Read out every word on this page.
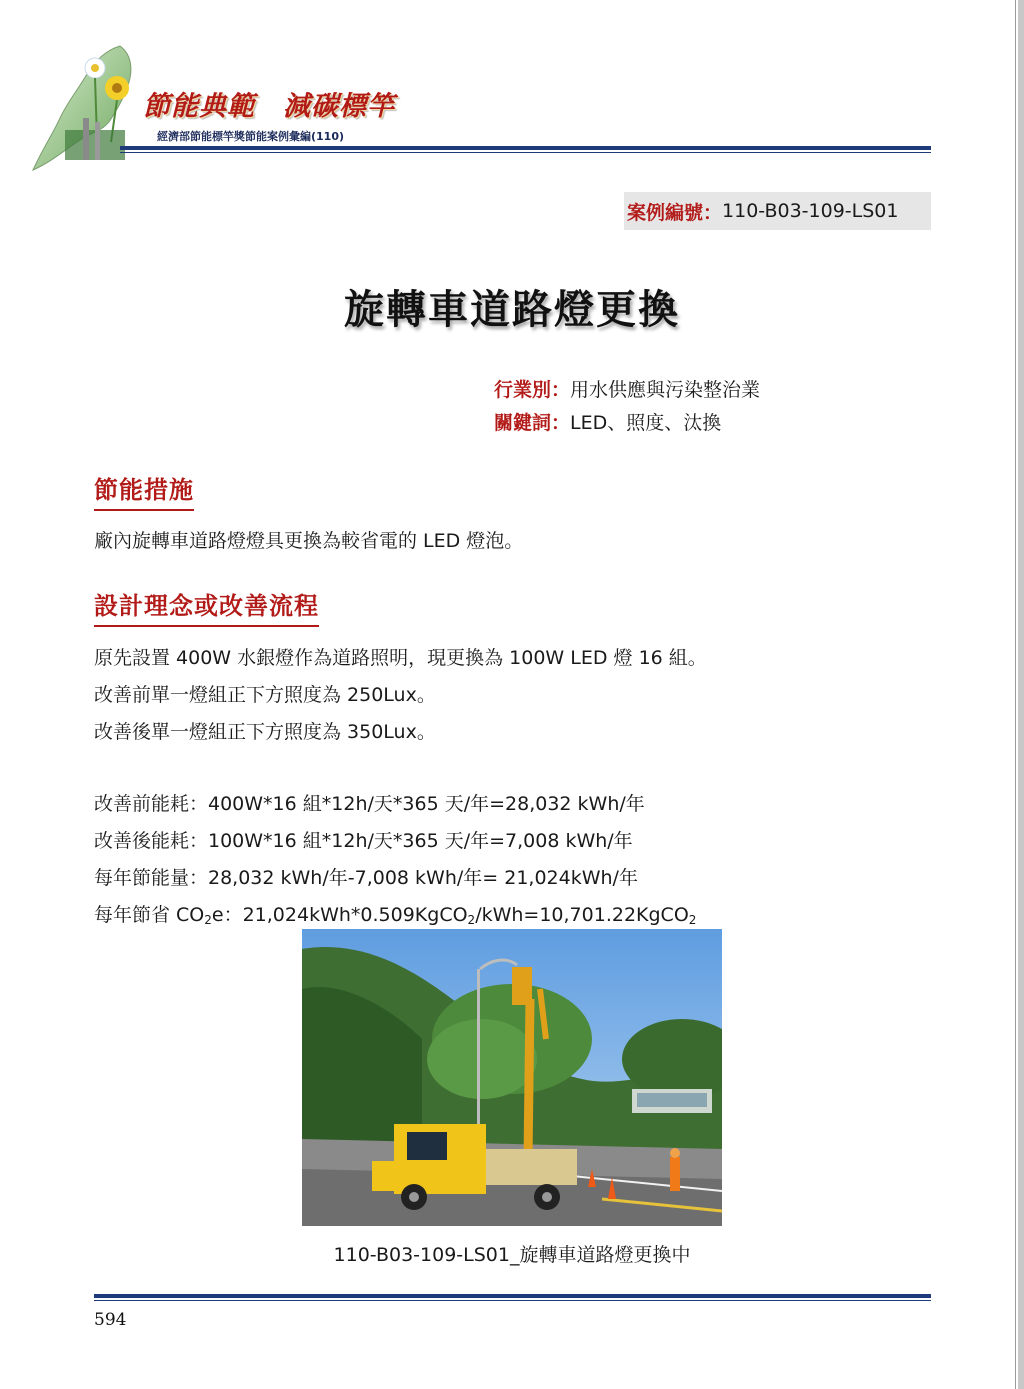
節能典範　減碳標竿
經濟部節能標竿獎節能案例彙編(110)
案例編號： 110-B03-109-LS01
旋轉車道路燈更換
行業別：用水供應與污染整治業
關鍵詞：LED、照度、汰換
節能措施

廠內旋轉車道路燈燈具更換為較省電的 LED 燈泡。

設計理念或改善流程
原先設置 400W 水銀燈作為道路照明，現更換為 100W LED 燈 16 組。
改善前單一燈組正下方照度為 250Lux。
改善後單一燈組正下方照度為 350Lux。
改善前能耗：400W*16 組*12h/天*365 天/年=28,032 kWh/年
改善後能耗：100W*16 組*12h/天*365 天/年=7,008 kWh/年
每年節能量：28,032 kWh/年-7,008 kWh/年= 21,024kWh/年
每年節省 $CO_2e$：21,024kWh*0.509KgCO$_2$/kWh=10,701.22KgCO$_2$
110-B03-109-LS01_旋轉車道路燈更換中
594
